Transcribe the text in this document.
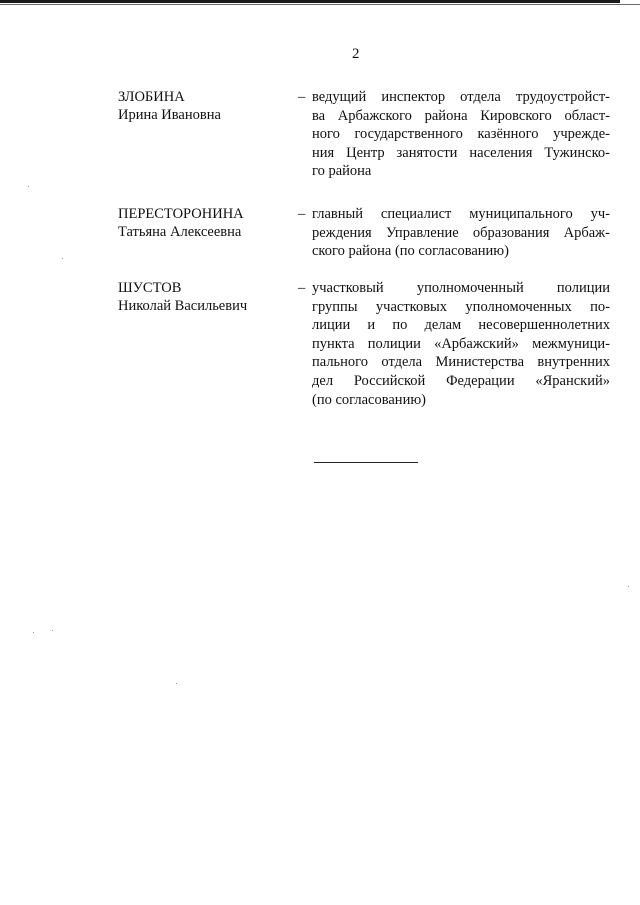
2
ЗЛОБИНА
Ирина Ивановна
– ведущий инспектор отдела трудоустройст-
ва Арбажского района Кировского област-
ного государственного казённого учрежде-
ния Центр занятости населения Тужинско-
го района
ПЕРЕСТОРОНИНА
Татьяна Алексеевна
– главный специалист муниципального уч-
реждения Управление образования Арбаж-
ского района (по согласованию)
ШУСТОВ
Николай Васильевич
– участковый уполномоченный полиции
группы участковых уполномоченных по-
лиции и по делам несовершеннолетних
пункта полиции «Арбажский» межмуници-
пального отдела Министерства внутренних
дел Российской Федерации «Яранский»
(по согласованию)
